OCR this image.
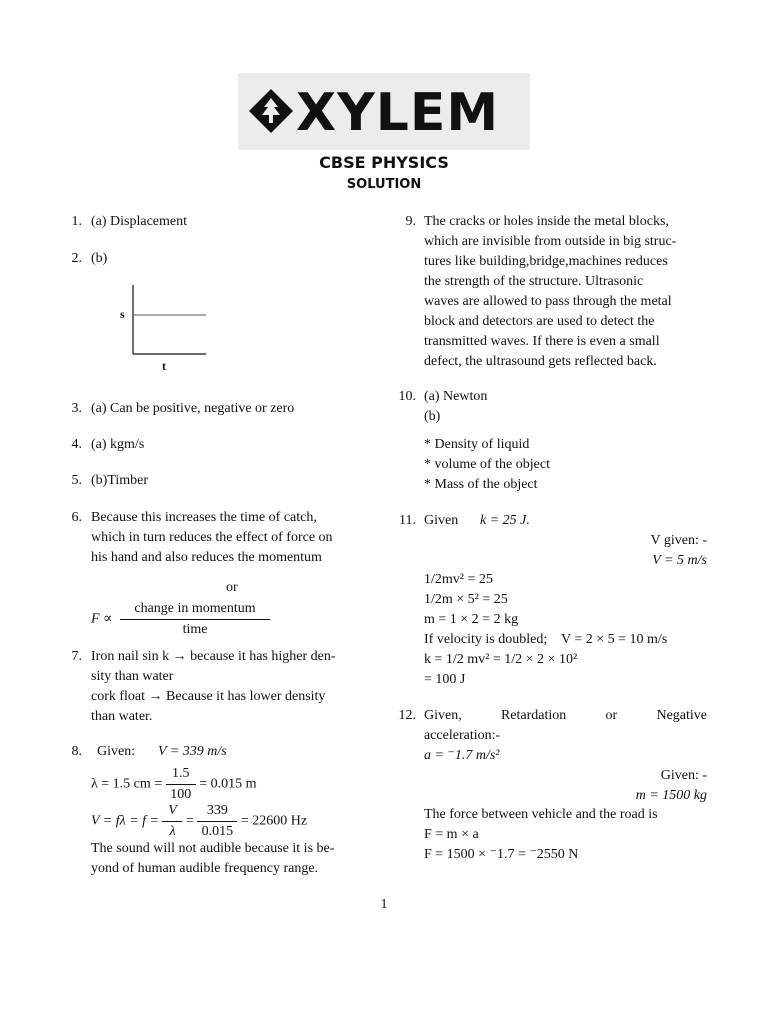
XYLEM
CBSE PHYSICS
SOLUTION
1. (a) Displacement
2. (b)
s
t
3. (a) Can be positive, negative or zero
4. (a) kgm/s
5. (b)Timber
6. Because this increases the time of catch,
which in turn reduces the effect of force on
his hand and also reduces the momentum
or
$F \propto \frac{\text{change in momentum}}{\text{time}}$
7. Iron nail sin k → because it has higher den-
sity than water
cork float → Because it has lower density
than water.
8. Given: V = 339 m/s
λ = 1.5 cm = $\frac{1.5}{100} = 0.015$ m
$V = f\lambda = f = \frac{V}{\lambda} = \frac{339}{0.015} = 22600$ Hz
The sound will not audible because it is be-
yond of human audible frequency range.
9. The cracks or holes inside the metal blocks,
which are invisible from outside in big struc-
tures like building,bridge,machines reduces
the strength of the structure. Ultrasonic
waves are allowed to pass through the metal
block and detectors are used to detect the
transmitted waves. If there is even a small
defect, the ultrasound gets reflected back.
10. (a) Newton
(b)
* Density of liquid
* volume of the object
* Mass of the object
11. Given k = 25 J.
V given: -
V = 5 m/s
1/2mv² = 25
1/2m × 5² = 25
m = 1 × 2 = 2 kg
If velocity is doubled;    V = 2 × 5 = 10 m/s
k = 1/2 mv² = 1/2 × 2 × 10²
= 100 J
12. Given,	Retardation	or	Negative
acceleration:-
a = ⁻1.7 m/s²
Given: -
m = 1500 kg
The force between vehicle and the road is
F = m × a
F = 1500 × ⁻1.7 = ⁻2550 N
1
